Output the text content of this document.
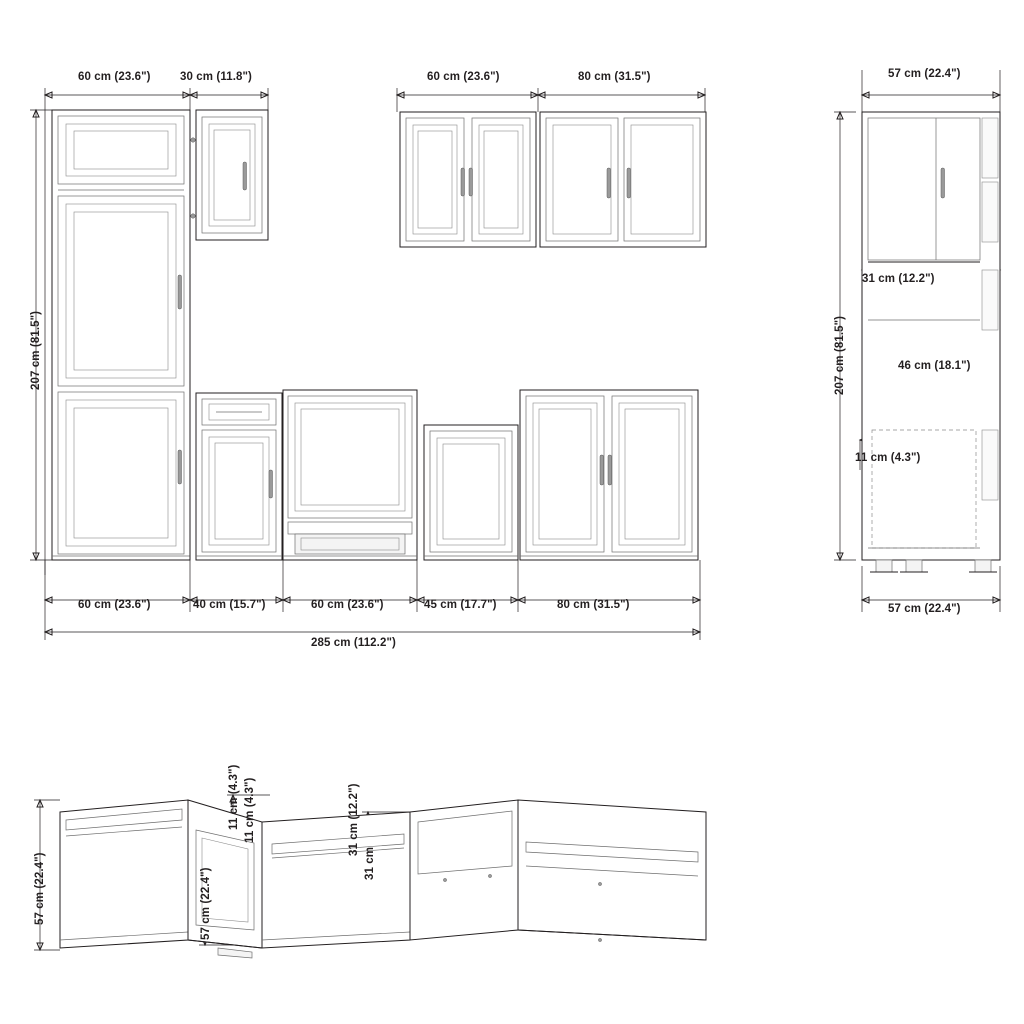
60 cm (23.6")	30 cm (11.8")
207 cm (81.5")
60 cm (23.6")	40 cm (15.7")	60 cm (23.6")	45 cm (17.7")	80 cm (31.5")
285 cm (112.2")
60 cm (23.6")	80 cm (31.5")	57 cm (22.4")
207 cm (81.5")
31 cm (12.2")
46 cm (18.1")
11 cm (4.3")
57 cm (22.4")
57 cm (22.4")
11 cm (4.3") 11 cm (4.3")
57 cm (22.4")
31 cm (12.2")
31 cm
